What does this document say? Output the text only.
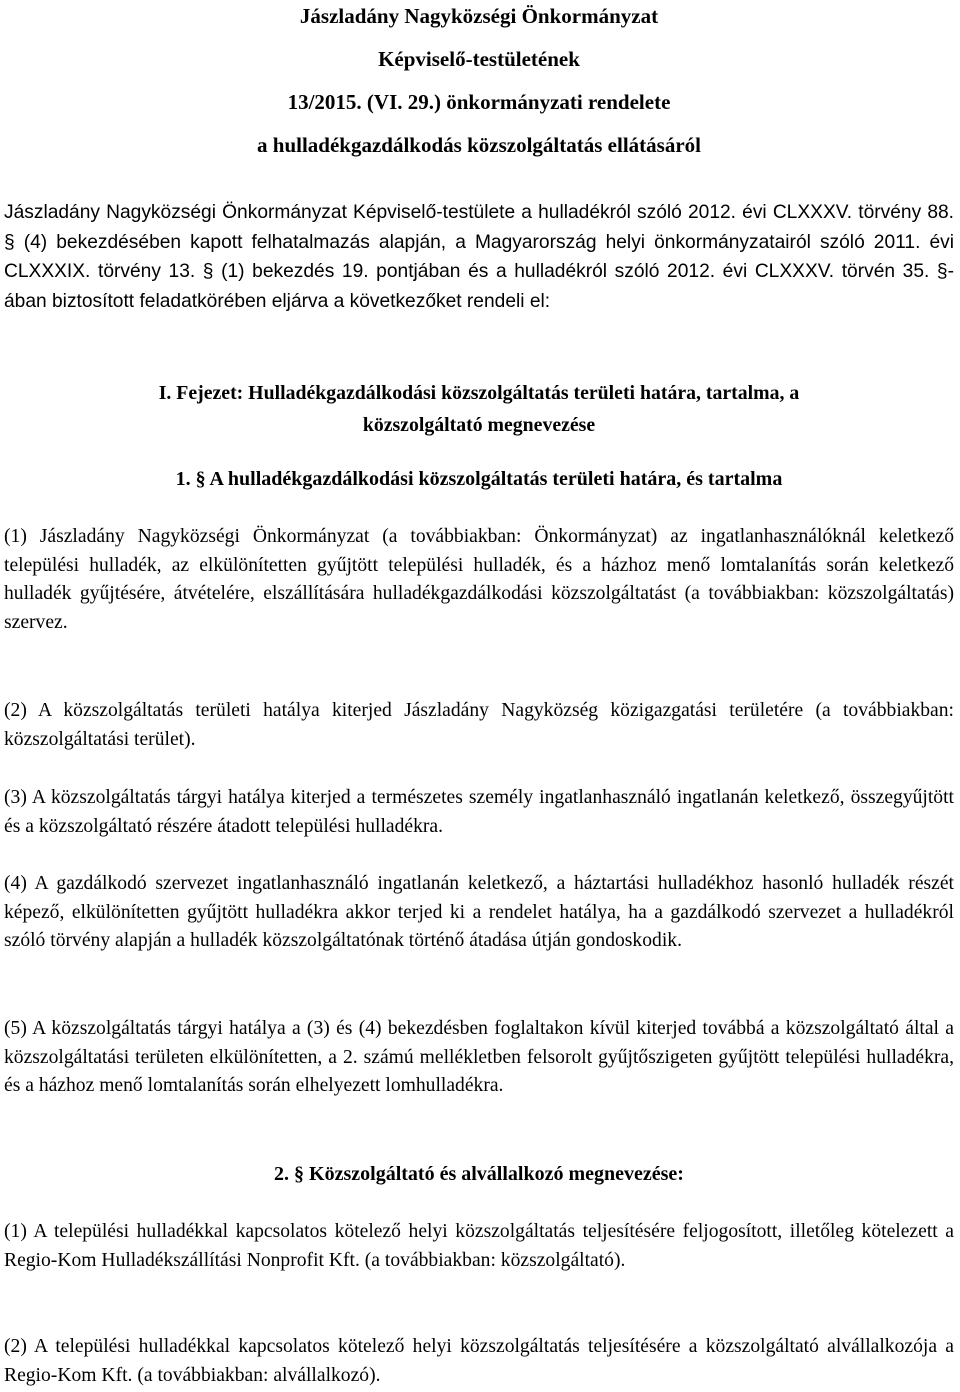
Jászladány Nagyközségi Önkormányzat
Képviselő-testületének
13/2015. (VI. 29.) önkormányzati rendelete
a hulladékgazdálkodás közszolgáltatás ellátásáról
Jászladány Nagyközségi Önkormányzat Képviselő-testülete a hulladékról szóló 2012. évi CLXXXV. törvény 88. § (4) bekezdésében kapott felhatalmazás alapján, a Magyarország helyi önkormányzatairól szóló 2011. évi CLXXXIX. törvény 13. § (1) bekezdés 19. pontjában és a hulladékról szóló 2012. évi CLXXXV. törvén 35. §-ában biztosított feladatkörében eljárva a következőket rendeli el:
I. Fejezet: Hulladékgazdálkodási közszolgáltatás területi határa, tartalma, a
közszolgáltató megnevezése
1. § A hulladékgazdálkodási közszolgáltatás területi határa, és tartalma
(1) Jászladány Nagyközségi Önkormányzat (a továbbiakban: Önkormányzat) az ingatlanhasználóknál keletkező települési hulladék, az elkülönítetten gyűjtött települési hulladék, és a házhoz menő lomtalanítás során keletkező hulladék gyűjtésére, átvételére, elszállítására hulladékgazdálkodási közszolgáltatást (a továbbiakban: közszolgáltatás) szervez.
(2) A közszolgáltatás területi hatálya kiterjed Jászladány Nagyközség közigazgatási területére (a továbbiakban: közszolgáltatási terület).
(3) A közszolgáltatás tárgyi hatálya kiterjed a természetes személy ingatlanhasználó ingatlanán keletkező, összegyűjtött és a közszolgáltató részére átadott települési hulladékra.
(4) A gazdálkodó szervezet ingatlanhasználó ingatlanán keletkező, a háztartási hulladékhoz hasonló hulladék részét képező, elkülönítetten gyűjtött hulladékra akkor terjed ki a rendelet hatálya, ha a gazdálkodó szervezet a hulladékról szóló törvény alapján a hulladék közszolgáltatónak történő átadása útján gondoskodik.
(5) A közszolgáltatás tárgyi hatálya a (3) és (4) bekezdésben foglaltakon kívül kiterjed továbbá a közszolgáltató által a közszolgáltatási területen elkülönítetten, a 2. számú mellékletben felsorolt gyűjtőszigeten gyűjtött települési hulladékra, és a házhoz menő lomtalanítás során elhelyezett lomhulladékra.
2. § Közszolgáltató és alvállalkozó megnevezése:
(1) A települési hulladékkal kapcsolatos kötelező helyi közszolgáltatás teljesítésére feljogosított, illetőleg kötelezett a Regio-Kom Hulladékszállítási Nonprofit Kft. (a továbbiakban: közszolgáltató).
(2) A települési hulladékkal kapcsolatos kötelező helyi közszolgáltatás teljesítésére a közszolgáltató alvállalkozója a Regio-Kom Kft. (a továbbiakban: alvállalkozó).
